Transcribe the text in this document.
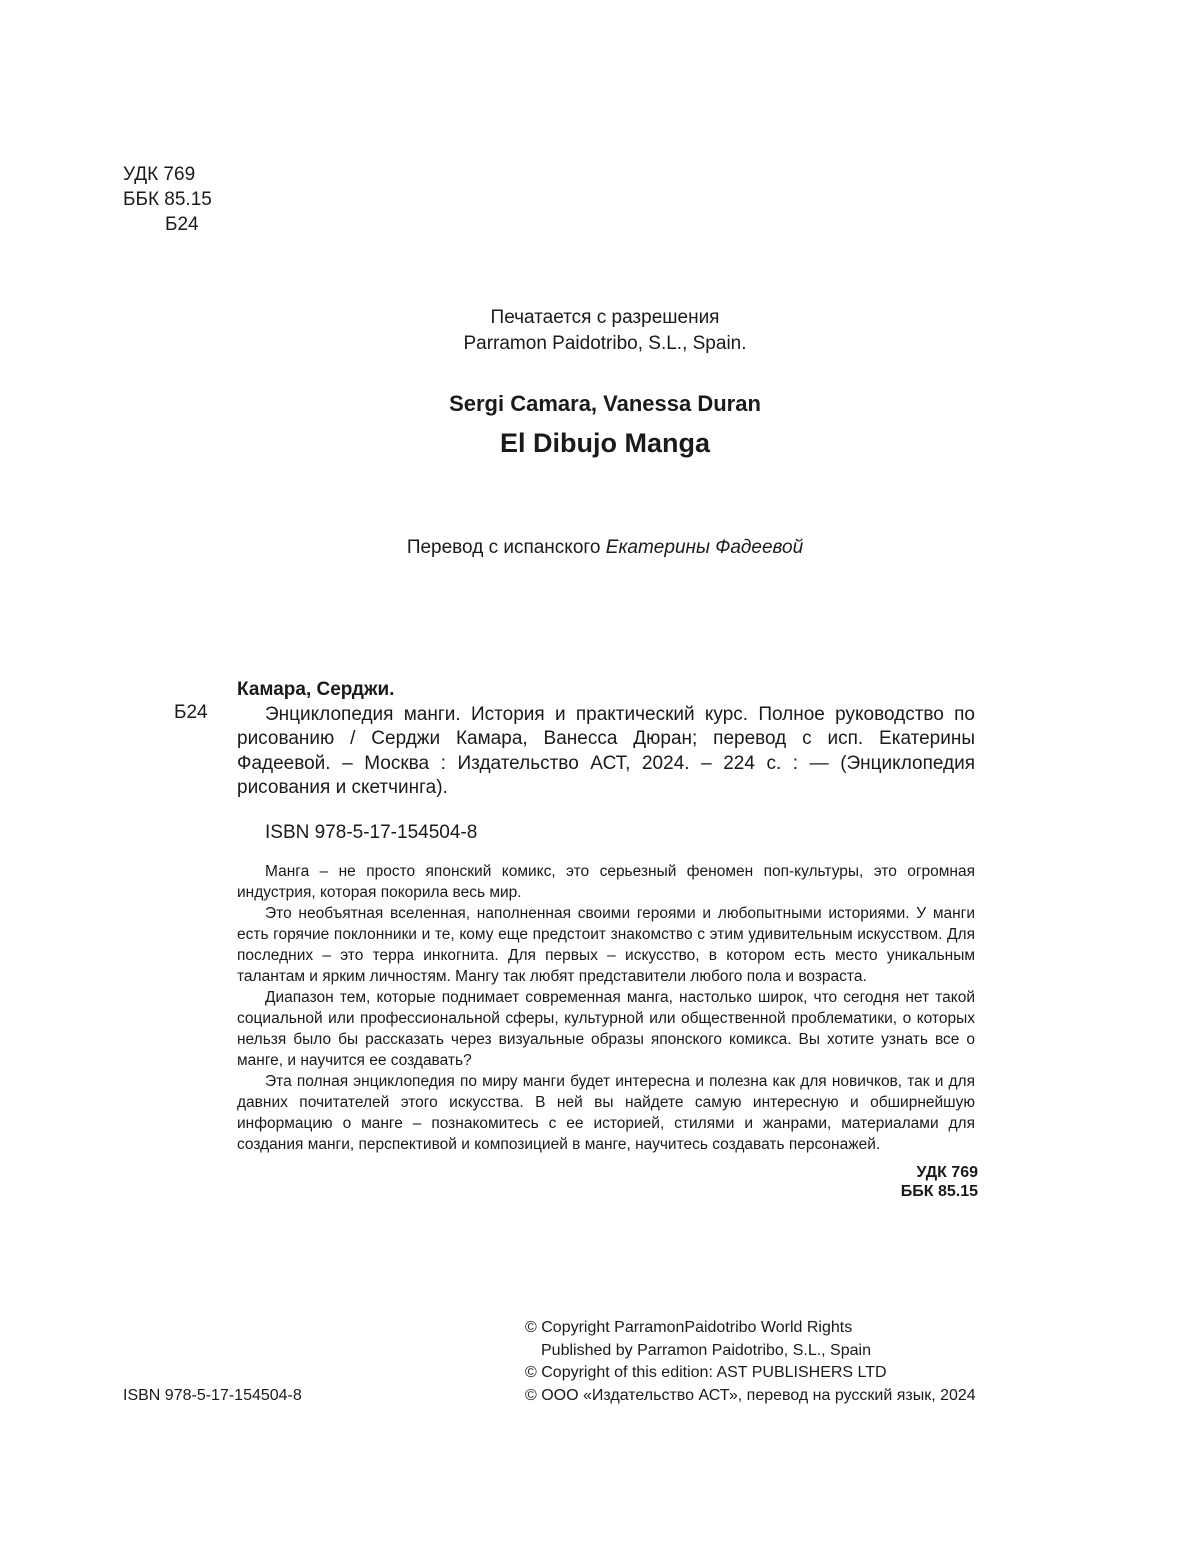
УДК 769
ББК 85.15
Б24
Печатается с разрешения
Parramon Paidotribo, S.L., Spain.
Sergi Camara, Vanessa Duran
El Dibujo Manga
Перевод с испанского Екатерины Фадеевой
Б24
Камара, Серджи.

Энциклопедия манги. История и практический курс. Полное руководство по рисованию / Серджи Камара, Ванесса Дюран; перевод с исп. Екатерины Фадеевой. – Москва : Издательство АСТ, 2024. – 224 с. : — (Энциклопедия рисования и скетчинга).

ISBN 978-5-17-154504-8

Манга – не просто японский комикс, это серьезный феномен поп-культуры, это огромная индустрия, которая покорила весь мир.

Это необъятная вселенная, наполненная своими героями и любопытными историями. У манги есть горячие поклонники и те, кому еще предстоит знакомство с этим удивительным искусством. Для последних – это терра инкогнита. Для первых – искусство, в котором есть место уникальным талантам и ярким личностям. Мангу так любят представители любого пола и возраста.

Диапазон тем, которые поднимает современная манга, настолько широк, что сегодня нет такой социальной или профессиональной сферы, культурной или общественной проблематики, о которых нельзя было бы рассказать через визуальные образы японского комикса. Вы хотите узнать все о манге, и научится ее создавать?

Эта полная энциклопедия по миру манги будет интересна и полезна как для новичков, так и для давних почитателей этого искусства. В ней вы найдете самую интересную и обширнейшую информацию о манге – познакомитесь с ее историей, стилями и жанрами, материалами для создания манги, перспективой и композицией в манге, научитесь создавать персонажей.

УДК 769
ББК 85.15
ISBN 978-5-17-154504-8
© Copyright ParramonPaidotribo World Rights
Published by Parramon Paidotribo, S.L., Spain
© Copyright of this edition: AST PUBLISHERS LTD
© ООО «Издательство АСТ», перевод на русский язык, 2024
